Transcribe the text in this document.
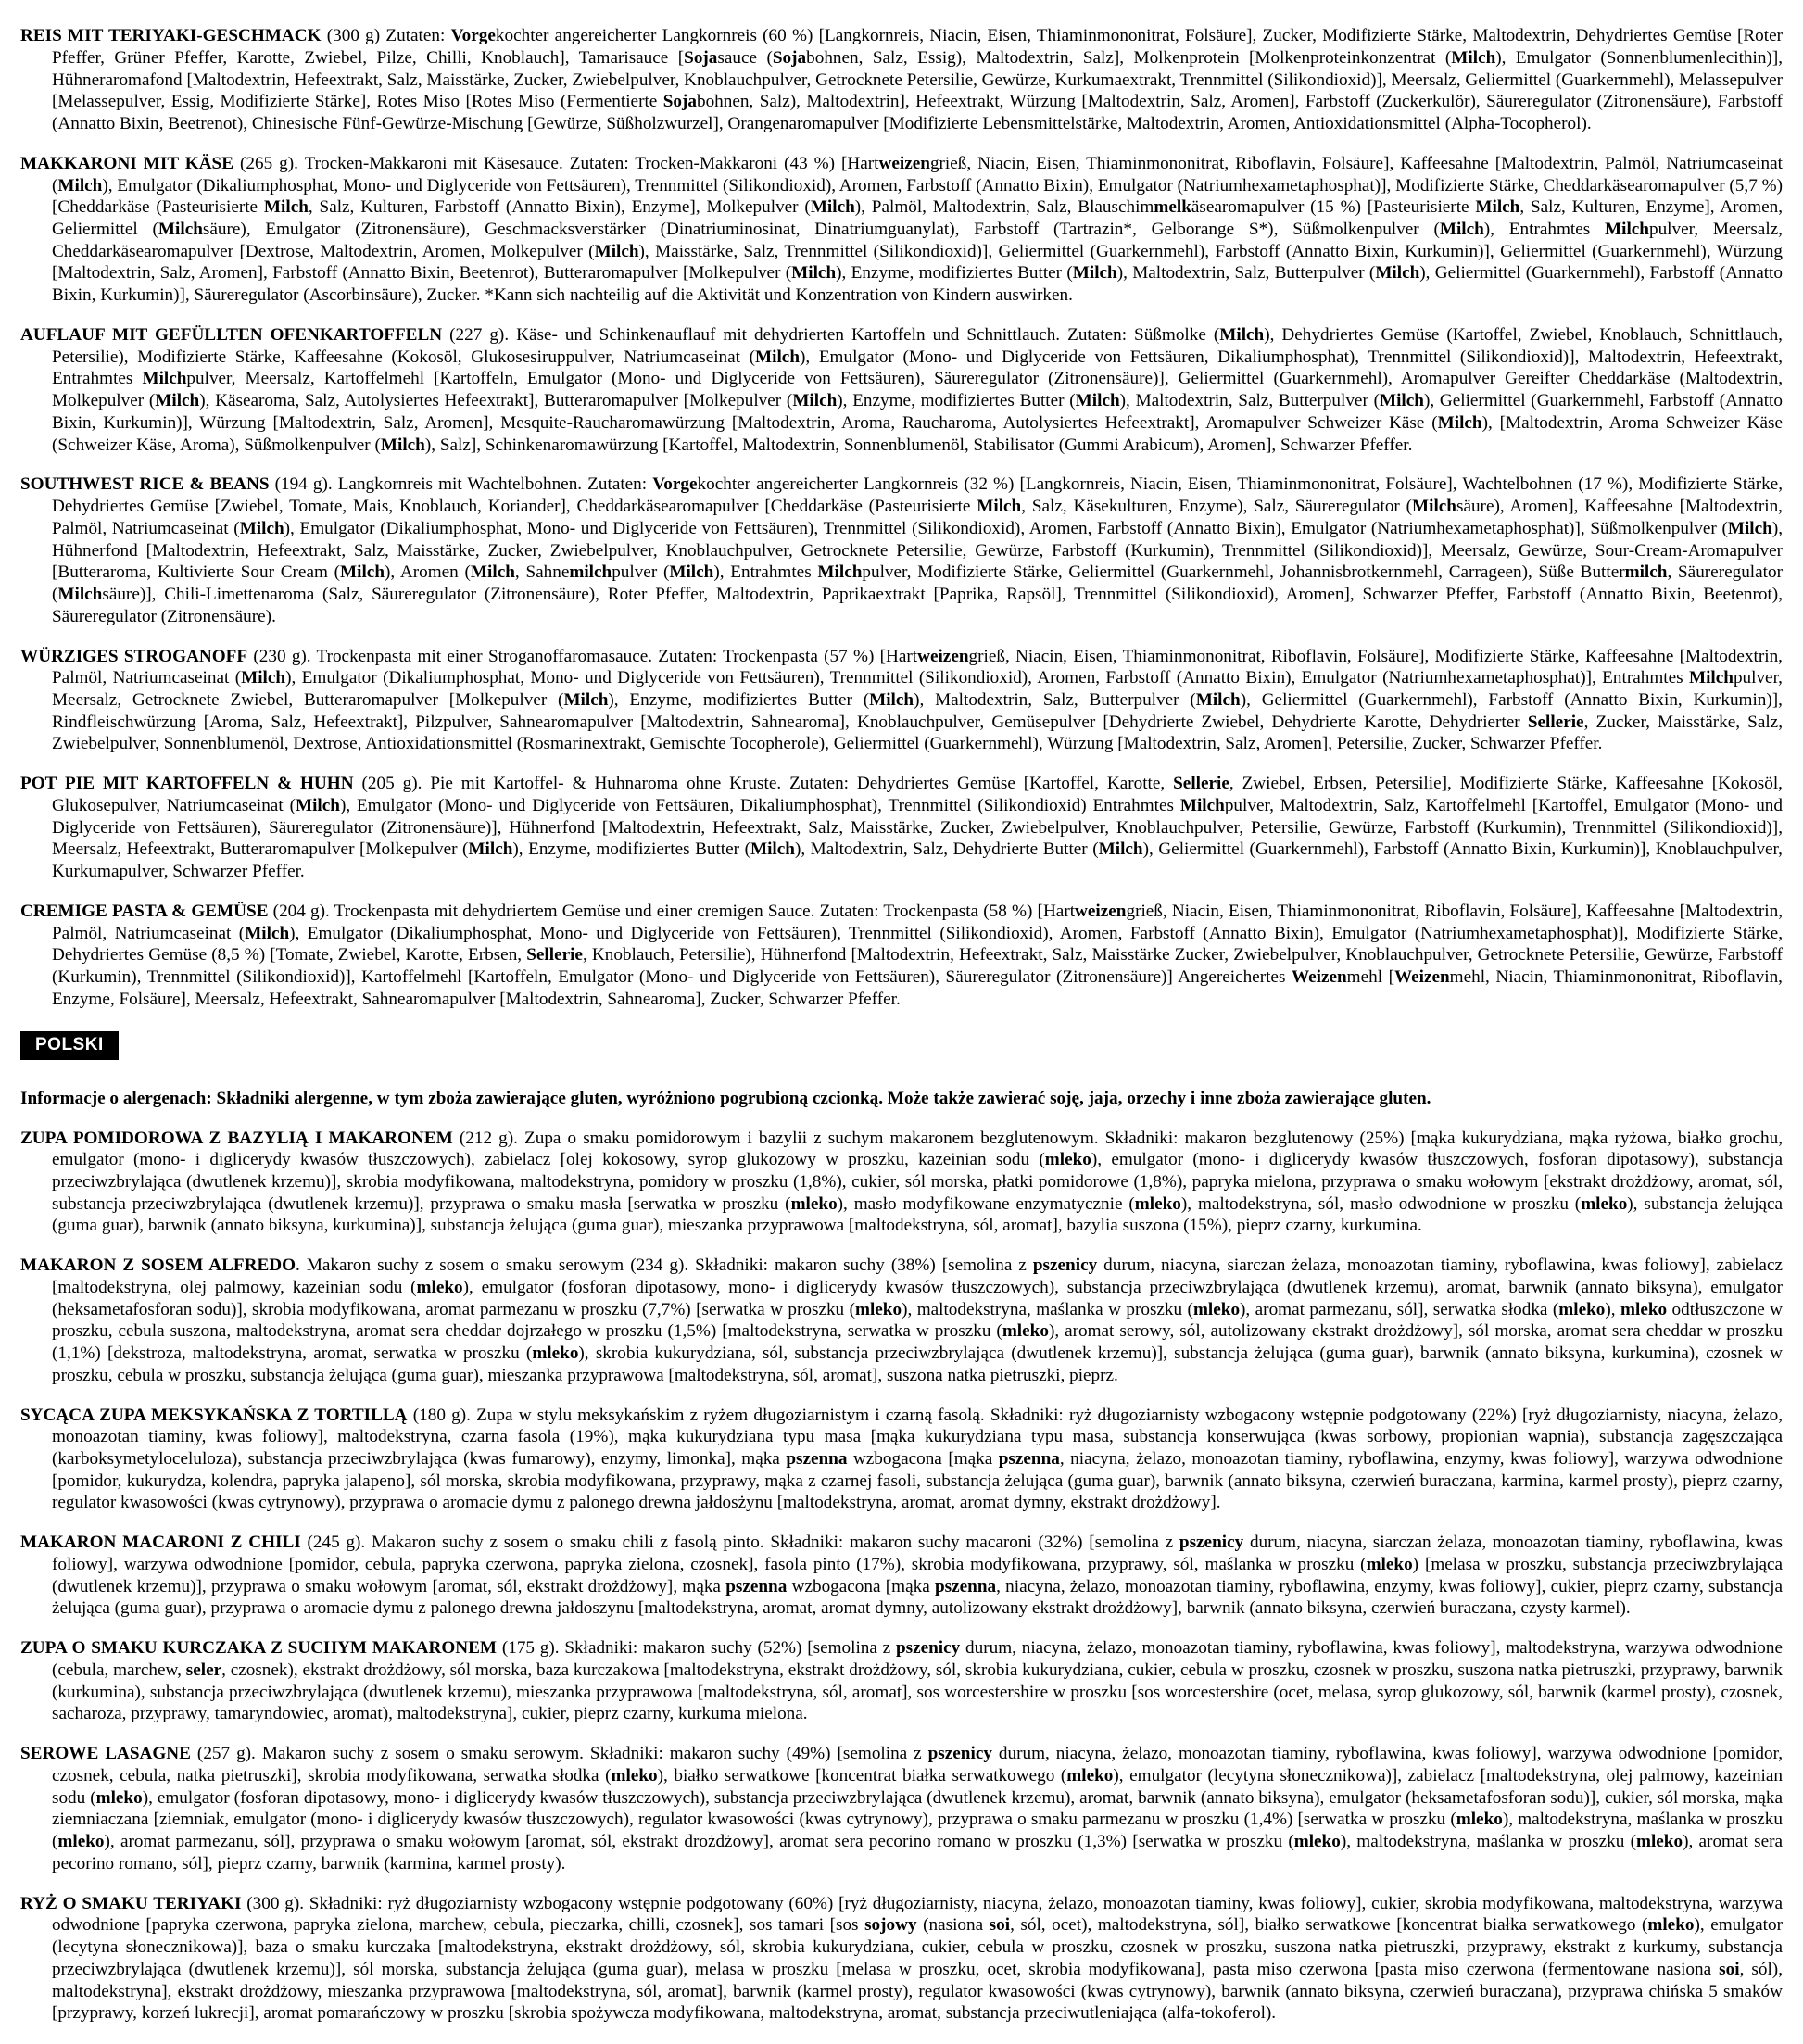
REIS MIT TERIYAKI-GESCHMACK (300 g) Zutaten: Vorgekochter angereicherter Langkornreis (60 %) [Langkornreis, Niacin, Eisen, Thiaminmononitrat, Folsäure], Zucker, Modifizierte Stärke, Maltodextrin, Dehydriertes Gemüse [Roter Pfeffer, Grüner Pfeffer, Karotte, Zwiebel, Pilze, Chilli, Knoblauch], Tamarisauce [Sojasauce (Sojabohnen, Salz, Essig), Maltodextrin, Salz], Molkenprotein [Molkenproteinkonzentrat (Milch), Emulgator (Sonnenblumenlecithin)], Hühneraromafond [Maltodextrin, Hefeextrakt, Salz, Maisstärke, Zucker, Zwiebelpulver, Knoblauchpulver, Getrocknete Petersilie, Gewürze, Kurkumaextrakt, Trennmittel (Silikondioxid)], Meersalz, Geliermittel (Guarkernmehl), Melassepulver [Melassepulver, Essig, Modifizierte Stärke], Rotes Miso [Rotes Miso (Fermentierte Sojabohnen, Salz), Maltodextrin], Hefeextrakt, Würzung [Maltodextrin, Salz, Aromen], Farbstoff (Zuckerkulör), Säureregulator (Zitronensäure), Farbstoff (Annatto Bixin, Beetrenot), Chinesische Fünf-Gewürze-Mischung [Gewürze, Süßholzwurzel], Orangenaromapulver [Modifizierte Lebensmittelstärke, Maltodextrin, Aromen, Antioxidationsmittel (Alpha-Tocopherol).

MAKKARONI MIT KÄSE (265 g). Trocken-Makkaroni mit Käsesauce. Zutaten: Trocken-Makkaroni (43 %) [Hartweizengrieß, Niacin, Eisen, Thiaminmononitrat, Riboflavin, Folsäure], Kaffeesahne [Maltodextrin, Palmöl, Natriumcaseinat (Milch), Emulgator (Dikaliumphosphat, Mono- und Diglyceride von Fettsäuren), Trennmittel (Silikondioxid), Aromen, Farbstoff (Annatto Bixin), Emulgator (Natriumhexametaphosphat)], Modifizierte Stärke, Cheddarkäsearomapulver (5,7 %) [Cheddarkäse (Pasteurisierte Milch, Salz, Kulturen, Farbstoff (Annatto Bixin), Enzyme], Molkepulver (Milch), Palmöl, Maltodextrin, Salz, Blauschimmelkäsearomapulver (15 %) [Pasteurisierte Milch, Salz, Kulturen, Enzyme], Aromen, Geliermittel (Milchsäure), Emulgator (Zitronensäure), Geschmacksverstärker (Dinatriuminosinat, Dinatriumguanylat), Farbstoff (Tartrazin*, Gelborange S*), Süßmolkenpulver (Milch), Entrahmtes Milchpulver, Meersalz, Cheddarkäsearomapulver [Dextrose, Maltodextrin, Aromen, Molkepulver (Milch), Maisstärke, Salz, Trennmittel (Silikondioxid)], Geliermittel (Guarkernmehl), Farbstoff (Annatto Bixin, Kurkumin)], Geliermittel (Guarkernmehl), Würzung [Maltodextrin, Salz, Aromen], Farbstoff (Annatto Bixin, Beetenrot), Butteraromapulver [Molkepulver (Milch), Enzyme, modifiziertes Butter (Milch), Maltodextrin, Salz, Butterpulver (Milch), Geliermittel (Guarkernmehl), Farbstoff (Annatto Bixin, Kurkumin)], Säureregulator (Ascorbinsäure), Zucker. *Kann sich nachteilig auf die Aktivität und Konzentration von Kindern auswirken.

AUFLAUF MIT GEFÜLLTEN OFENKARTOFFELN (227 g). Käse- und Schinkenauflauf mit dehydrierten Kartoffeln und Schnittlauch. Zutaten: Süßmolke (Milch), Dehydriertes Gemüse (Kartoffel, Zwiebel, Knoblauch, Schnittlauch, Petersilie), Modifizierte Stärke, Kaffeesahne (Kokosöl, Glukosesiruppulver, Natriumcaseinat (Milch), Emulgator (Mono- und Diglyceride von Fettsäuren, Dikaliumphosphat), Trennmittel (Silikondioxid)], Maltodextrin, Hefeextrakt, Entrahmtes Milchpulver, Meersalz, Kartoffelmehl [Kartoffeln, Emulgator (Mono- und Diglyceride von Fettsäuren), Säureregulator (Zitronensäure)], Geliermittel (Guarkernmehl), Aromapulver Gereifter Cheddarkäse (Maltodextrin, Molkepulver (Milch), Käsearoma, Salz, Autolysiertes Hefeextrakt], Butteraromapulver [Molkepulver (Milch), Enzyme, modifiziertes Butter (Milch), Maltodextrin, Salz, Butterpulver (Milch), Geliermittel (Guarkernmehl, Farbstoff (Annatto Bixin, Kurkumin)], Würzung [Maltodextrin, Salz, Aromen], Mesquite-Raucharomawürzung [Maltodextrin, Aroma, Raucharoma, Autolysiertes Hefeextrakt], Aromapulver Schweizer Käse (Milch), [Maltodextrin, Aroma Schweizer Käse (Schweizer Käse, Aroma), Süßmolkenpulver (Milch), Salz], Schinkenaromawürzung [Kartoffel, Maltodextrin, Sonnenblumenöl, Stabilisator (Gummi Arabicum), Aromen], Schwarzer Pfeffer.

SOUTHWEST RICE & BEANS (194 g). Langkornreis mit Wachtelbohnen. Zutaten: Vorgekochter angereicherter Langkornreis (32 %) [Langkornreis, Niacin, Eisen, Thiaminmononitrat, Folsäure], Wachtelbohnen (17 %), Modifizierte Stärke, Dehydriertes Gemüse [Zwiebel, Tomate, Mais, Knoblauch, Koriander], Cheddarkäsearomapulver [Cheddarkäse (Pasteurisierte Milch, Salz, Käsekulturen, Enzyme), Salz, Säureregulator (Milchsäure), Aromen], Kaffeesahne [Maltodextrin, Palmöl, Natriumcaseinat (Milch), Emulgator (Dikaliumphosphat, Mono- und Diglyceride von Fettsäuren), Trennmittel (Silikondioxid), Aromen, Farbstoff (Annatto Bixin), Emulgator (Natriumhexametaphosphat)], Süßmolkenpulver (Milch), Hühnerfond [Maltodextrin, Hefeextrakt, Salz, Maisstärke, Zucker, Zwiebelpulver, Knoblauchpulver, Getrocknete Petersilie, Gewürze, Farbstoff (Kurkumin), Trennmittel (Silikondioxid)], Meersalz, Gewürze, Sour-Cream-Aromapulver [Butteraroma, Kultivierte Sour Cream (Milch), Aromen (Milch, Sahnemilchpulver (Milch), Entrahmtes Milchpulver, Modifizierte Stärke, Geliermittel (Guarkernmehl, Johannisbrotkernmehl, Carrageen), Süße Buttermilch, Säureregulator (Milchsäure)], Chili-Limettenaroma (Salz, Säureregulator (Zitronensäure), Roter Pfeffer, Maltodextrin, Paprikaextrakt [Paprika, Rapsöl], Trennmittel (Silikondioxid), Aromen], Schwarzer Pfeffer, Farbstoff (Annatto Bixin, Beetenrot), Säureregulator (Zitronensäure).

WÜRZIGES STROGANOFF (230 g). Trockenpasta mit einer Stroganoffaromasauce. Zutaten: Trockenpasta (57 %) [Hartweizengrieß, Niacin, Eisen, Thiaminmononitrat, Riboflavin, Folsäure], Modifizierte Stärke, Kaffeesahne [Maltodextrin, Palmöl, Natriumcaseinat (Milch), Emulgator (Dikaliumphosphat, Mono- und Diglyceride von Fettsäuren), Trennmittel (Silikondioxid), Aromen, Farbstoff (Annatto Bixin), Emulgator (Natriumhexametaphosphat)], Entrahmtes Milchpulver, Meersalz, Getrocknete Zwiebel, Butteraromapulver [Molkepulver (Milch), Enzyme, modifiziertes Butter (Milch), Maltodextrin, Salz, Butterpulver (Milch), Geliermittel (Guarkernmehl), Farbstoff (Annatto Bixin, Kurkumin)], Rindfleischwürzung [Aroma, Salz, Hefeextrakt], Pilzpulver, Sahnearomapulver [Maltodextrin, Sahnearoma], Knoblauchpulver, Gemüsepulver [Dehydrierte Zwiebel, Dehydrierte Karotte, Dehydrierter Sellerie, Zucker, Maisstärke, Salz, Zwiebelpulver, Sonnenblumenöl, Dextrose, Antioxidationsmittel (Rosmarinextrakt, Gemischte Tocopherole), Geliermittel (Guarkernmehl), Würzung [Maltodextrin, Salz, Aromen], Petersilie, Zucker, Schwarzer Pfeffer.

POT PIE MIT KARTOFFELN & HUHN (205 g). Pie mit Kartoffel- & Huhnaroma ohne Kruste. Zutaten: Dehydriertes Gemüse [Kartoffel, Karotte, Sellerie, Zwiebel, Erbsen, Petersilie], Modifizierte Stärke, Kaffeesahne [Kokosöl, Glukosepulver, Natriumcaseinat (Milch), Emulgator (Mono- und Diglyceride von Fettsäuren, Dikaliumphosphat), Trennmittel (Silikondioxid) Entrahmtes Milchpulver, Maltodextrin, Salz, Kartoffelmehl [Kartoffel, Emulgator (Mono- und Diglyceride von Fettsäuren), Säureregulator (Zitronensäure)], Hühnerfond [Maltodextrin, Hefeextrakt, Salz, Maisstärke, Zucker, Zwiebelpulver, Knoblauchpulver, Petersilie, Gewürze, Farbstoff (Kurkumin), Trennmittel (Silikondioxid)], Meersalz, Hefeextrakt, Butteraromapulver [Molkepulver (Milch), Enzyme, modifiziertes Butter (Milch), Maltodextrin, Salz, Dehydrierte Butter (Milch), Geliermittel (Guarkernmehl), Farbstoff (Annatto Bixin, Kurkumin)], Knoblauchpulver, Kurkumapulver, Schwarzer Pfeffer.

CREMIGE PASTA & GEMÜSE (204 g). Trockenpasta mit dehydriertem Gemüse und einer cremigen Sauce. Zutaten: Trockenpasta (58 %) [Hartweizengrieß, Niacin, Eisen, Thiaminmononitrat, Riboflavin, Folsäure], Kaffeesahne [Maltodextrin, Palmöl, Natriumcaseinat (Milch), Emulgator (Dikaliumphosphat, Mono- und Diglyceride von Fettsäuren), Trennmittel (Silikondioxid), Aromen, Farbstoff (Annatto Bixin), Emulgator (Natriumhexametaphosphat)], Modifizierte Stärke, Dehydriertes Gemüse (8,5 %) [Tomate, Zwiebel, Karotte, Erbsen, Sellerie, Knoblauch, Petersilie), Hühnerfond [Maltodextrin, Hefeextrakt, Salz, Maisstärke Zucker, Zwiebelpulver, Knoblauchpulver, Getrocknete Petersilie, Gewürze, Farbstoff (Kurkumin), Trennmittel (Silikondioxid)], Kartoffelmehl [Kartoffeln, Emulgator (Mono- und Diglyceride von Fettsäuren), Säureregulator (Zitronensäure)] Angereichertes Weizenmehl [Weizenmehl, Niacin, Thiaminmononitrat, Riboflavin, Enzyme, Folsäure], Meersalz, Hefeextrakt, Sahnearomapulver [Maltodextrin, Sahnearoma], Zucker, Schwarzer Pfeffer.

POLSKI

Informacje o alergenach: Składniki alergenne, w tym zboża zawierające gluten, wyróżniono pogrubioną czcionką. Może także zawierać soję, jaja, orzechy i inne zboża zawierające gluten.

ZUPA POMIDOROWA Z BAZYLIĄ I MAKARONEM (212 g). Zupa o smaku pomidorowym i bazylii z suchym makaronem bezglutenowym. Składniki: makaron bezglutenowy (25%) [mąka kukurydziana, mąka ryżowa, białko grochu, emulgator (mono- i diglicerydy kwasów tłuszczowych), zabielacz [olej kokosowy, syrop glukozowy w proszku, kazeinian sodu (mleko), emulgator (mono- i diglicerydy kwasów tłuszczowych, fosforan dipotasowy), substancja przeciwzbrylająca (dwutlenek krzemu)], skrobia modyfikowana, maltodekstryna, pomidory w proszku (1,8%), cukier, sól morska, płatki pomidorowe (1,8%), papryka mielona, przyprawa o smaku wołowym [ekstrakt drożdżowy, aromat, sól, substancja przeciwzbrylająca (dwutlenek krzemu)], przyprawa o smaku masła [serwatka w proszku (mleko), masło modyfikowane enzymatycznie (mleko), maltodekstryna, sól, masło odwodnione w proszku (mleko), substancja żelująca (guma guar), barwnik (annato biksyna, kurkumina)], substancja żelująca (guma guar), mieszanka przyprawowa [maltodekstryna, sól, aromat], bazylia suszona (15%), pieprz czarny, kurkumina.

MAKARON Z SOSEM ALFREDO. Makaron suchy z sosem o smaku serowym (234 g). Składniki: makaron suchy (38%) [semolina z pszenicy durum, niacyna, siarczan żelaza, monoazotan tiaminy, ryboflawina, kwas foliowy], zabielacz [maltodekstryna, olej palmowy, kazeinian sodu (mleko), emulgator (fosforan dipotasowy, mono- i diglicerydy kwasów tłuszczowych), substancja przeciwzbrylająca (dwutlenek krzemu), aromat, barwnik (annato biksyna), emulgator (heksametafosforan sodu)], skrobia modyfikowana, aromat parmezanu w proszku (7,7%) [serwatka w proszku (mleko), maltodekstryna, maślanka w proszku (mleko), aromat parmezanu, sól], serwatka słodka (mleko), mleko odtłuszczone w proszku, cebula suszona, maltodekstryna, aromat sera cheddar dojrzałego w proszku (1,5%) [maltodekstryna, serwatka w proszku (mleko), aromat serowy, sól, autolizowany ekstrakt drożdżowy], sól morska, aromat sera cheddar w proszku (1,1%) [dekstroza, maltodekstryna, aromat, serwatka w proszku (mleko), skrobia kukurydziana, sól, substancja przeciwzbrylająca (dwutlenek krzemu)], substancja żelująca (guma guar), barwnik (annato biksyna, kurkumina), czosnek w proszku, cebula w proszku, substancja żelująca (guma guar), mieszanka przyprawowa [maltodekstryna, sól, aromat], suszona natka pietruszki, pieprz.

SYCĄCA ZUPA MEKSYKAŃSKA Z TORTILLĄ (180 g). Zupa w stylu meksykańskim z ryżem długoziarnistym i czarną fasolą. Składniki: ryż długoziarnisty wzbogacony wstępnie podgotowany (22%) [ryż długoziarnisty, niacyna, żelazo, monoazotan tiaminy, kwas foliowy], maltodekstryna, czarna fasola (19%), mąka kukurydziana typu masa [mąka kukurydziana typu masa, substancja konserwująca (kwas sorbowy, propionian wapnia), substancja zagęszczająca (karboksymetyloceluloza), substancja przeciwzbrylająca (kwas fumarowy), enzymy, limonka], mąka pszenna wzbogacona [mąka pszenna, niacyna, żelazo, monoazotan tiaminy, ryboflawina, enzymy, kwas foliowy], warzywa odwodnione [pomidor, kukurydza, kolendra, papryka jalapeno], sól morska, skrobia modyfikowana, przyprawy, mąka z czarnej fasoli, substancja żelująca (guma guar), barwnik (annato biksyna, czerwień buraczana, karmina, karmel prosty), pieprz czarny, regulator kwasowości (kwas cytrynowy), przyprawa o aromacie dymu z palonego drewna jałdosżynu [maltodekstryna, aromat, aromat dymny, ekstrakt drożdżowy].

MAKARON MACARONI Z CHILI (245 g). Makaron suchy z sosem o smaku chili z fasolą pinto. Składniki: makaron suchy macaroni (32%) [semolina z pszenicy durum, niacyna, siarczan żelaza, monoazotan tiaminy, ryboflawina, kwas foliowy], warzywa odwodnione [pomidor, cebula, papryka czerwona, papryka zielona, czosnek], fasola pinto (17%), skrobia modyfikowana, przyprawy, sól, maślanka w proszku (mleko) [melasa w proszku, substancja przeciwzbrylająca (dwutlenek krzemu)], przyprawa o smaku wołowym [aromat, sól, ekstrakt drożdżowy], mąka pszenna wzbogacona [mąka pszenna, niacyna, żelazo, monoazotan tiaminy, ryboflawina, enzymy, kwas foliowy], cukier, pieprz czarny, substancja żelująca (guma guar), przyprawa o aromacie dymu z palonego drewna jałdoszynu [maltodekstryna, aromat, aromat dymny, autolizowany ekstrakt drożdżowy], barwnik (annato biksyna, czerwień buraczana, czysty karmel).

ZUPA O SMAKU KURCZAKA Z SUCHYM MAKARONEM (175 g). Składniki: makaron suchy (52%) [semolina z pszenicy durum, niacyna, żelazo, monoazotan tiaminy, ryboflawina, kwas foliowy], maltodekstryna, warzywa odwodnione (cebula, marchew, seler, czosnek), ekstrakt drożdżowy, sól morska, baza kurczakowa [maltodekstryna, ekstrakt drożdżowy, sól, skrobia kukurydziana, cukier, cebula w proszku, czosnek w proszku, suszona natka pietruszki, przyprawy, barwnik (kurkumina), substancja przeciwzbrylająca (dwutlenek krzemu), mieszanka przyprawowa [maltodekstryna, sól, aromat], sos worcestershire w proszku [sos worcestershire (ocet, melasa, syrop glukozowy, sól, barwnik (karmel prosty), czosnek, sacharoza, przyprawy, tamaryndowiec, aromat), maltodekstryna], cukier, pieprz czarny, kurkuma mielona.

SEROWE LASAGNE (257 g). Makaron suchy z sosem o smaku serowym. Składniki: makaron suchy (49%) [semolina z pszenicy durum, niacyna, żelazo, monoazotan tiaminy, ryboflawina, kwas foliowy], warzywa odwodnione [pomidor, czosnek, cebula, natka pietruszki], skrobia modyfikowana, serwatka słodka (mleko), białko serwatkowe [koncentrat białka serwatkowego (mleko), emulgator (lecytyna słonecznikowa)], zabielacz [maltodekstryna, olej palmowy, kazeinian sodu (mleko), emulgator (fosforan dipotasowy, mono- i diglicerydy kwasów tłuszczowych), substancja przeciwzbrylająca (dwutlenek krzemu), aromat, barwnik (annato biksyna), emulgator (heksametafosforan sodu)], cukier, sól morska, mąka ziemniaczana [ziemniak, emulgator (mono- i diglicerydy kwasów tłuszczowych), regulator kwasowości (kwas cytrynowy), przyprawa o smaku parmezanu w proszku (1,4%) [serwatka w proszku (mleko), maltodekstryna, maślanka w proszku (mleko), aromat parmezanu, sól], przyprawa o smaku wołowym [aromat, sól, ekstrakt drożdżowy], aromat sera pecorino romano w proszku (1,3%) [serwatka w proszku (mleko), maltodekstryna, maślanka w proszku (mleko), aromat sera pecorino romano, sól], pieprz czarny, barwnik (karmina, karmel prosty).

RYŻ O SMAKU TERIYAKI (300 g). Składniki: ryż długoziarnisty wzbogacony wstępnie podgotowany (60%) [ryż długoziarnisty, niacyna, żelazo, monoazotan tiaminy, kwas foliowy], cukier, skrobia modyfikowana, maltodekstryna, warzywa odwodnione [papryka czerwona, papryka zielona, marchew, cebula, pieczarka, chilli, czosnek], sos tamari [sos sojowy (nasiona soi, sól, ocet), maltodekstryna, sól], białko serwatkowe [koncentrat białka serwatkowego (mleko), emulgator (lecytyna słonecznikowa)], baza o smaku kurczaka [maltodekstryna, ekstrakt drożdżowy, sól, skrobia kukurydziana, cukier, cebula w proszku, czosnek w proszku, suszona natka pietruszki, przyprawy, ekstrakt z kurkumy, substancja przeciwzbrylająca (dwutlenek krzemu)], sól morska, substancja żelująca (guma guar), melasa w proszku [melasa w proszku, ocet, skrobia modyfikowana], pasta miso czerwona [pasta miso czerwona (fermentowane nasiona soi, sól), maltodekstryna], ekstrakt drożdżowy, mieszanka przyprawowa [maltodekstryna, sól, aromat], barwnik (karmel prosty), regulator kwasowości (kwas cytrynowy), barwnik (annato biksyna, czerwień buraczana), przyprawa chińska 5 smaków [przyprawy, korzeń lukrecji], aromat pomarańczowy w proszku [skrobia spożywcza modyfikowana, maltodekstryna, aromat, substancja przeciwutleniająca (alfa-tokoferol).
